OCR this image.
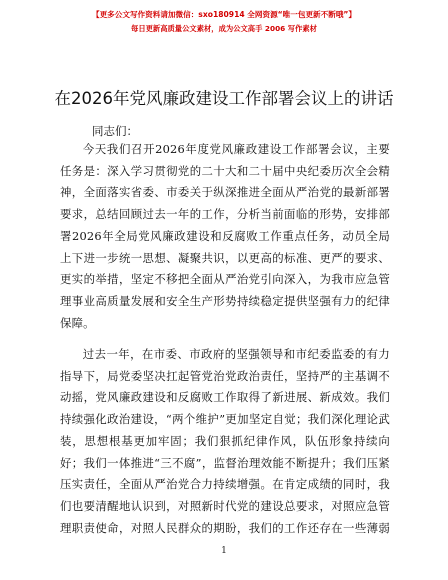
【更多公文写作资料请加微信：sxo180914 全网资源“唯一包更新不断哦”】
每日更新高质量公文素材，成为公文高手 2006 写作素材
在2026年党风廉政建设工作部署会议上的讲话
同志们：

今天我们召开2026年度党风廉政建设工作部署会议，主要任务是：深入学习贯彻党的二十大和二十届中央纪委历次全会精神，全面落实省委、市委关于纵深推进全面从严治党的最新部署要求，总结回顾过去一年的工作，分析当前面临的形势，安排部署2026年全局党风廉政建设和反腐败工作重点任务，动员全局上下进一步统一思想、凝聚共识，以更高的标准、更严的要求、更实的举措，坚定不移把全面从严治党引向深入，为我市应急管理事业高质量发展和安全生产形势持续稳定提供坚强有力的纪律保障。

过去一年，在市委、市政府的坚强领导和市纪委监委的有力指导下，局党委坚决扛起管党治党政治责任，坚持严的主基调不动摇，党风廉政建设和反腐败工作取得了新进展、新成效。我们持续强化政治建设，“两个维护”更加坚定自觉；我们深化理论武装，思想根基更加牢固；我们狠抓纪律作风，队伍形象持续向好；我们一体推进“三不腐”，监督治理效能不断提升；我们压紧压实责任，全面从严治党合力持续增强。在肯定成绩的同时，我们也要清醒地认识到，对照新时代党的建设总要求，对照应急管理职责使命，对照人民群众的期盼，我们的工作还存在一些薄弱

1
